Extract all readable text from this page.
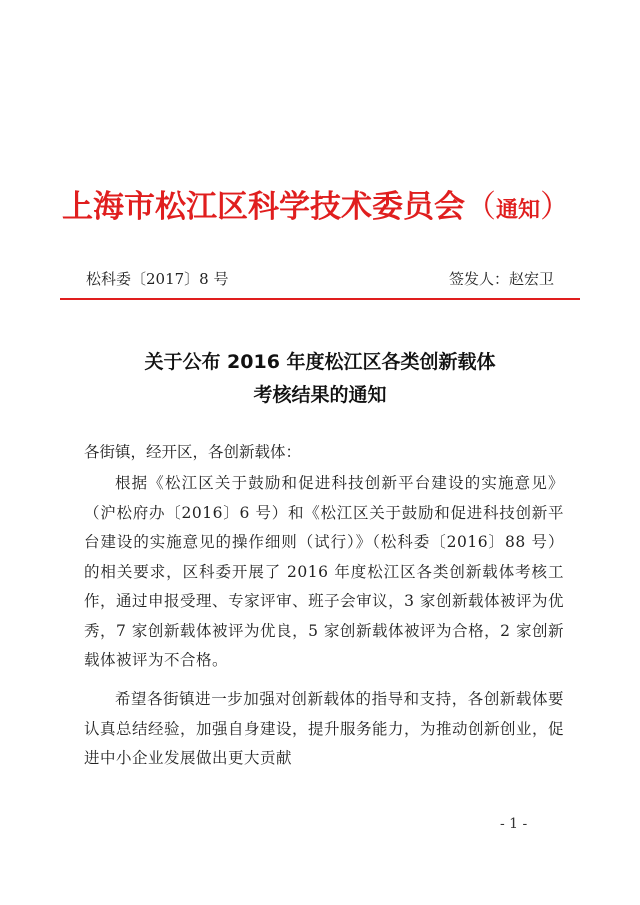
上海市松江区科学技术委员会（通知）
松科委〔2017〕8 号	签发人：赵宏卫
关于公布 2016 年度松江区各类创新载体
考核结果的通知
各街镇，经开区，各创新载体：
根据《松江区关于鼓励和促进科技创新平台建设的实施意见》（沪松府办〔2016〕6 号）和《松江区关于鼓励和促进科技创新平台建设的实施意见的操作细则（试行）》（松科委〔2016〕88 号）的相关要求，区科委开展了 2016 年度松江区各类创新载体考核工作，通过申报受理、专家评审、班子会审议，3 家创新载体被评为优秀，7 家创新载体被评为优良，5 家创新载体被评为合格，2 家创新载体被评为不合格。
希望各街镇进一步加强对创新载体的指导和支持，各创新载体要认真总结经验，加强自身建设，提升服务能力，为推动创新创业，促进中小企业发展做出更大贡献
- 1 -
